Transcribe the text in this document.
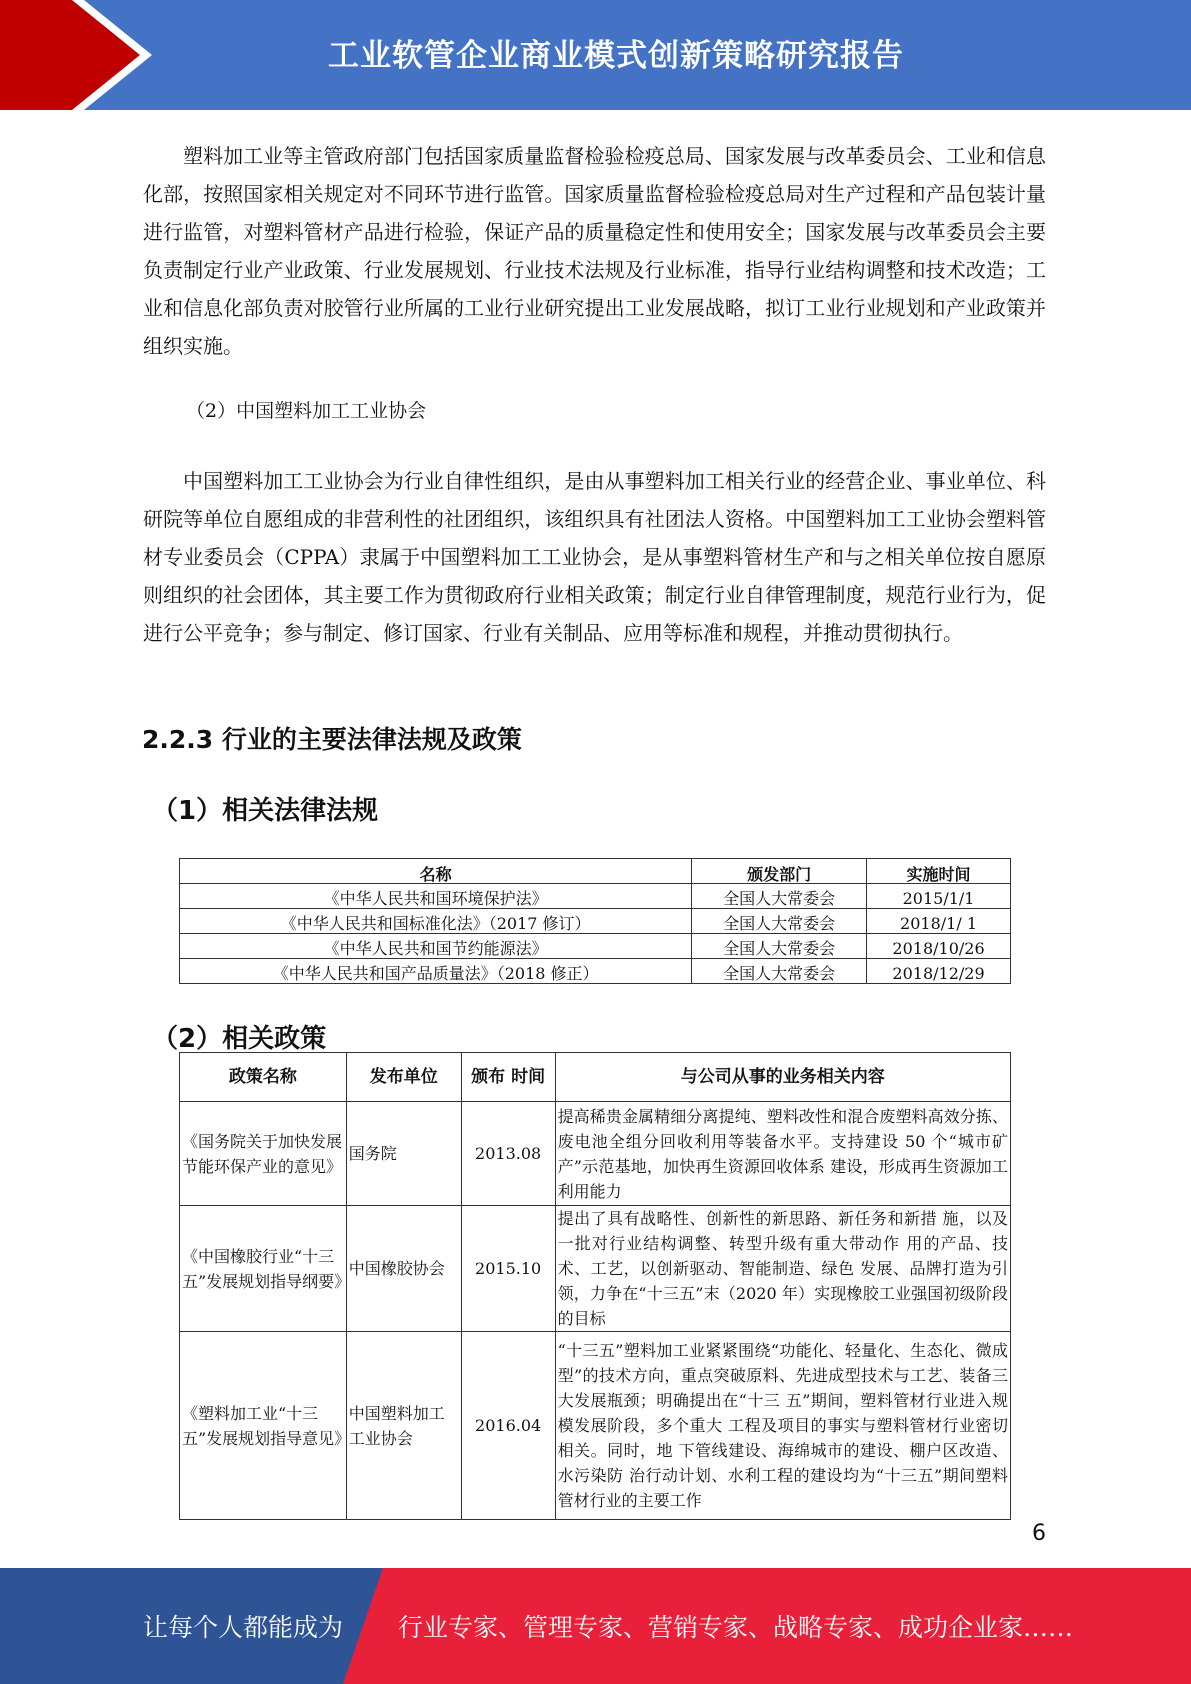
工业软管企业商业模式创新策略研究报告

塑料加工业等主管政府部门包括国家质量监督检验检疫总局、国家发展与改革委员会、工业和信息化部，按照国家相关规定对不同环节进行监管。国家质量监督检验检疫总局对生产过程和产品包装计量进行监管，对塑料管材产品进行检验，保证产品的质量稳定性和使用安全；国家发展与改革委员会主要负责制定行业产业政策、行业发展规划、行业技术法规及行业标准，指导行业结构调整和技术改造；工业和信息化部负责对胶管行业所属的工业行业研究提出工业发展战略，拟订工业行业规划和产业政策并组织实施。

（2）中国塑料加工工业协会

中国塑料加工工业协会为行业自律性组织，是由从事塑料加工相关行业的经营企业、事业单位、科研院等单位自愿组成的非营利性的社团组织，该组织具有社团法人资格。中国塑料加工工业协会塑料管材专业委员会（CPPA）隶属于中国塑料加工工业协会，是从事塑料管材生产和与之相关单位按自愿原则组织的社会团体，其主要工作为贯彻政府行业相关政策；制定行业自律管理制度，规范行业行为，促进行公平竞争；参与制定、修订国家、行业有关制品、应用等标准和规程，并推动贯彻执行。

2.2.3 行业的主要法律法规及政策
（1）相关法律法规
名称	颁发部门	实施时间
《中华人民共和国环境保护法》	全国人大常委会	2015/1/1
《中华人民共和国标准化法》（2017 修订）	全国人大常委会	2018/1/ 1
《中华人民共和国节约能源法》	全国人大常委会	2018/10/26
《中华人民共和国产品质量法》（2018 修正）	全国人大常委会	2018/12/29
（2）相关政策
政策名称	发布单位	颁布 时间	与公司从事的业务相关内容
《国务院关于加快发展节能环保产业的意见》	国务院	2013.08	提高稀贵金属精细分离提纯、塑料改性和混合废塑料高效分拣、废电池全组分回收利用等装备水平。支持建设 50 个“城市矿产”示范基地，加快再生资源回收体系 建设，形成再生资源加工利用能力
《中国橡胶行业“十三五”发展规划指导纲要》	中国橡胶协会	2015.10	提出了具有战略性、创新性的新思路、新任务和新措 施，以及一批对行业结构调整、转型升级有重大带动作 用的产品、技术、工艺，以创新驱动、智能制造、绿色 发展、品牌打造为引领，力争在“十三五”末（2020 年）实现橡胶工业强国初级阶段的目标
《塑料加工业“十三五”发展规划指导意见》	中国塑料加工工业协会	2016.04	“十三五”塑料加工业紧紧围绕“功能化、轻量化、生态化、微成型”的技术方向，重点突破原料、先进成型技术与工艺、装备三大发展瓶颈；明确提出在“十三 五”期间，塑料管材行业进入规模发展阶段，多个重大 工程及项目的事实与塑料管材行业密切相关。同时，地 下管线建设、海绵城市的建设、棚户区改造、水污染防 治行动计划、水利工程的建设均为“十三五”期间塑料 管材行业的主要工作
6
让每个人都能成为 行业专家、管理专家、营销专家、战略专家、成功企业家……
